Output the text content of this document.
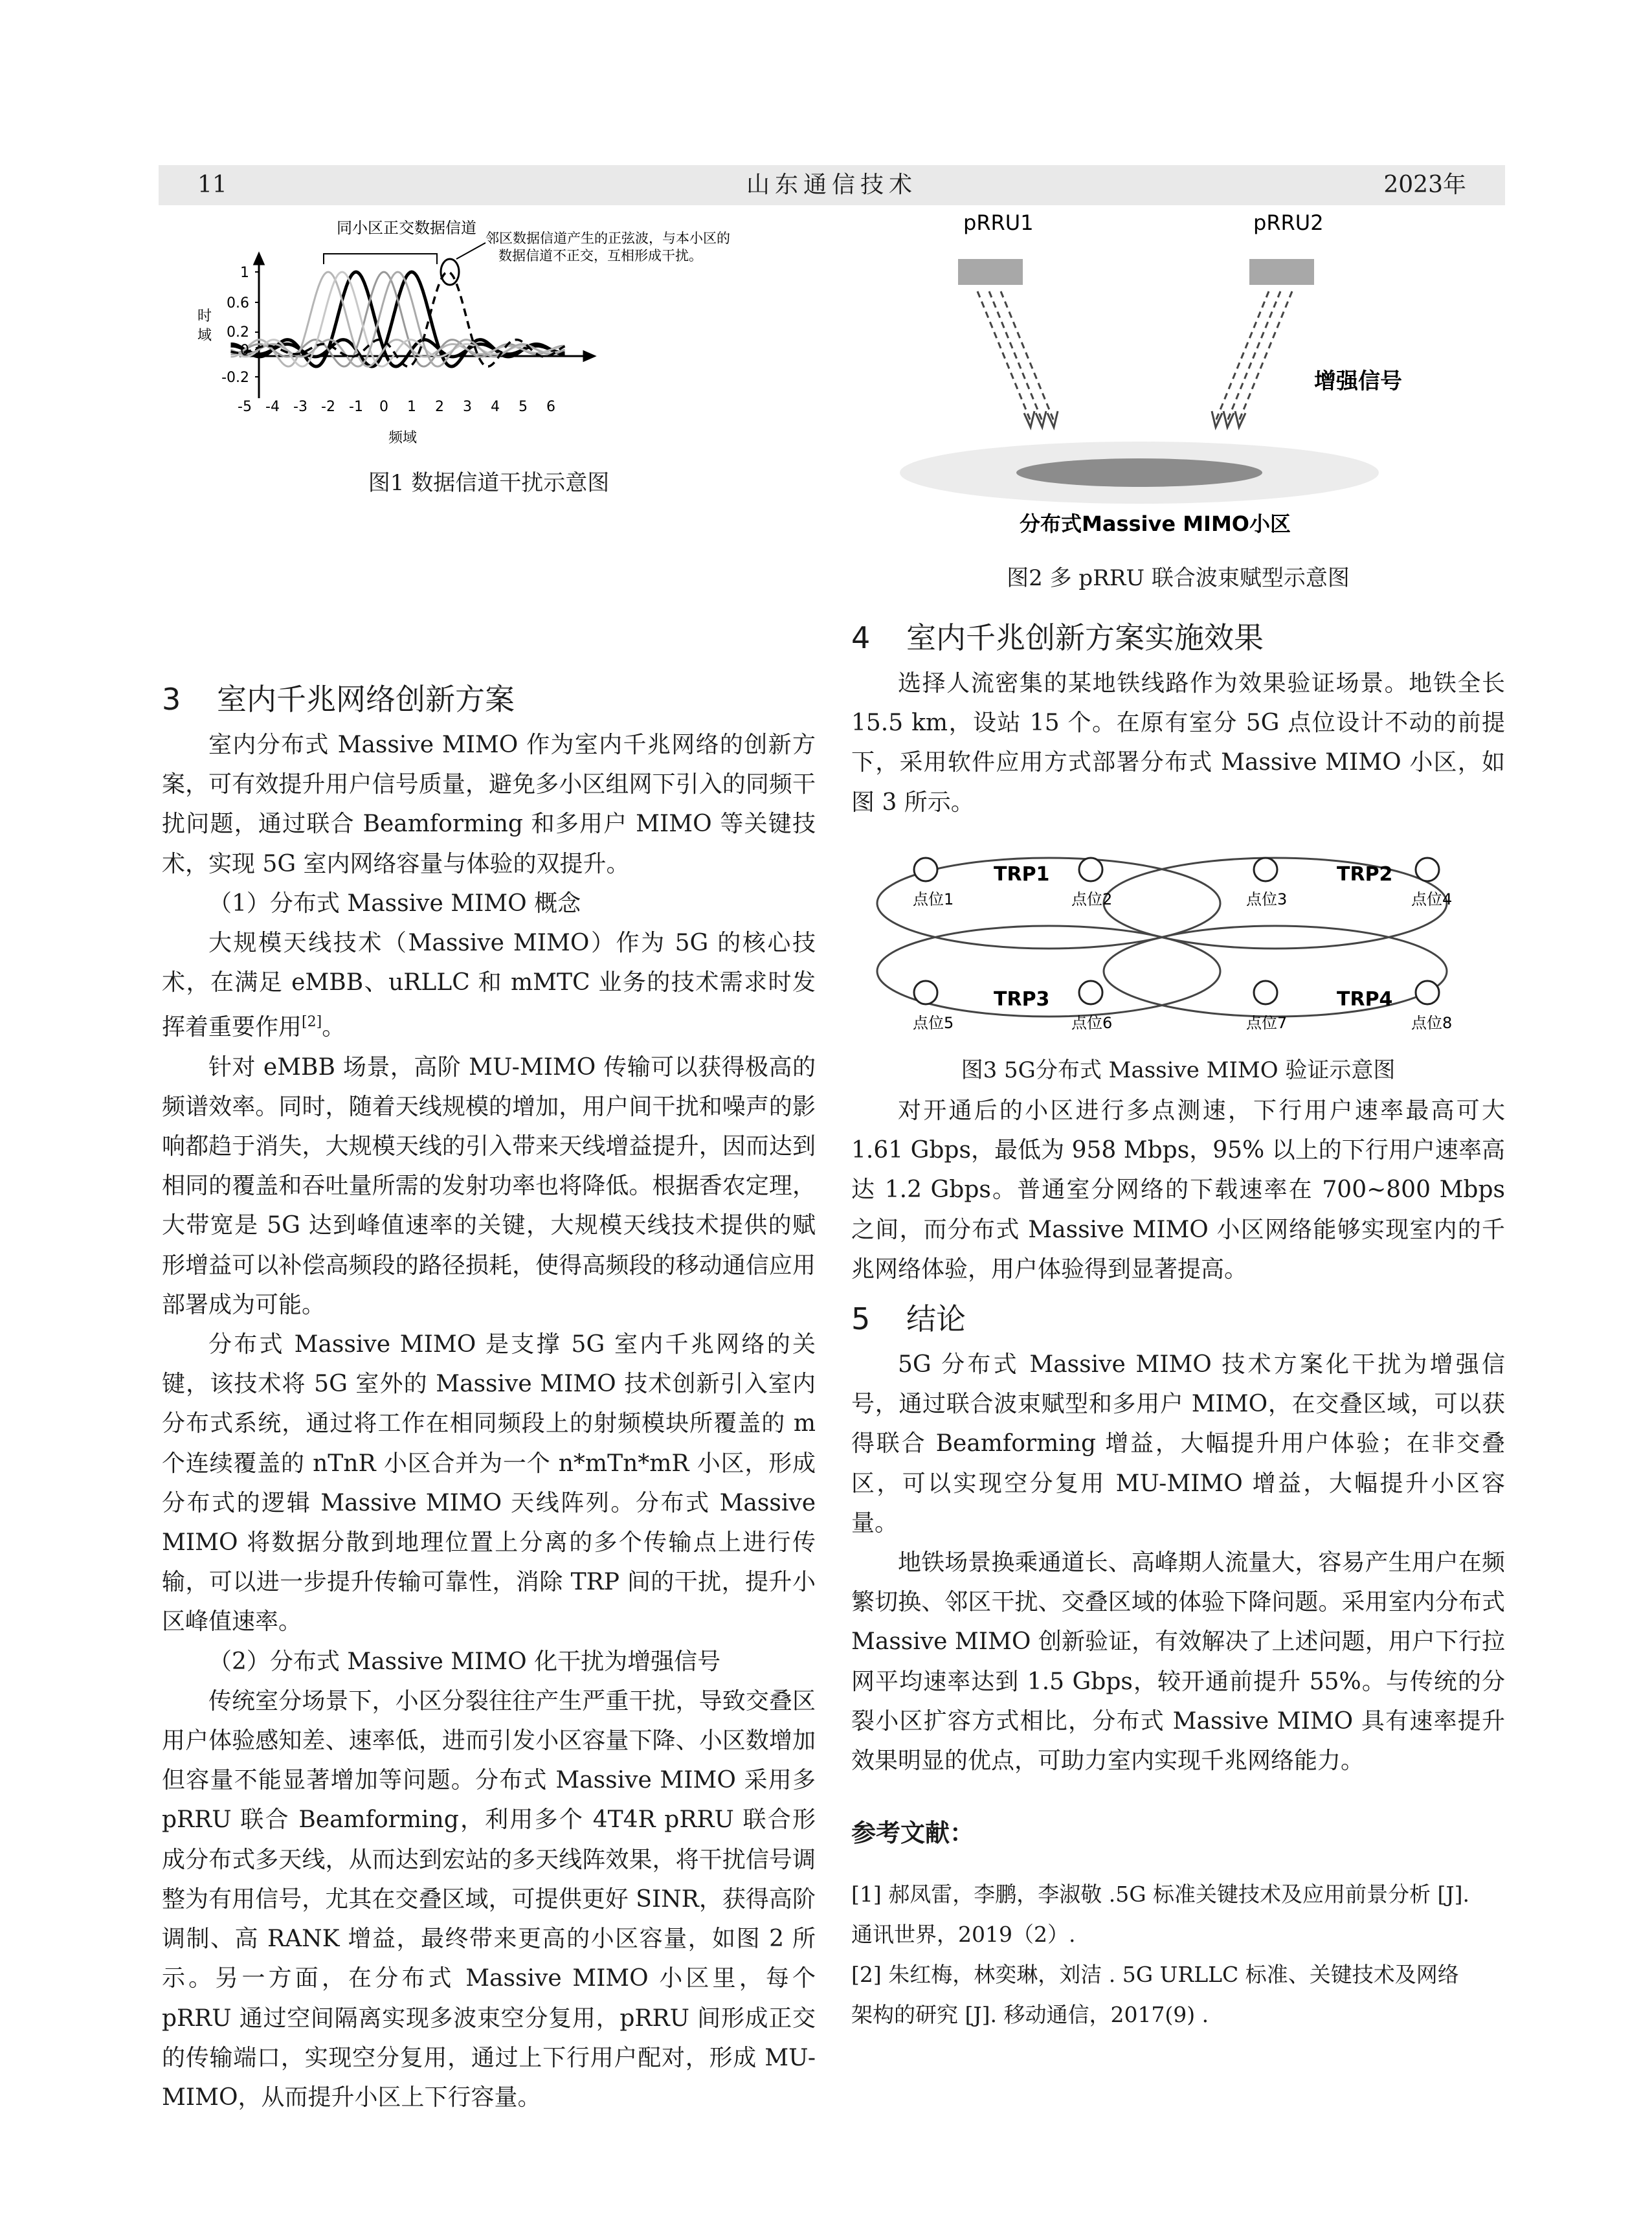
11	山东通信技术	2023年
同小区正交数据信道
邻区数据信道产生的正弦波，与本小区的
数据信道不正交，互相形成干扰。
1
0.6
0.2
0
-0.2
时
域
-5 -4 -3 -2 -1 0 1 2 3 4 5 6
频域
图1 数据信道干扰示意图
3 室内千兆网络创新方案

室内分布式 Massive MIMO 作为室内千兆网络的创新方案，可有效提升用户信号质量，避免多小区组网下引入的同频干扰问题，通过联合 Beamforming 和多用户 MIMO 等关键技术，实现 5G 室内网络容量与体验的双提升。

（1）分布式 Massive MIMO 概念

大规模天线技术（Massive MIMO）作为 5G 的核心技术，在满足 eMBB、uRLLC 和 mMTC 业务的技术需求时发挥着重要作用[2]。

针对 eMBB 场景，高阶 MU-MIMO 传输可以获得极高的频谱效率。同时，随着天线规模的增加，用户间干扰和噪声的影响都趋于消失，大规模天线的引入带来天线增益提升，因而达到相同的覆盖和吞吐量所需的发射功率也将降低。根据香农定理，大带宽是 5G 达到峰值速率的关键，大规模天线技术提供的赋形增益可以补偿高频段的路径损耗，使得高频段的移动通信应用部署成为可能。

分布式 Massive MIMO 是支撑 5G 室内千兆网络的关键，该技术将 5G 室外的 Massive MIMO 技术创新引入室内分布式系统，通过将工作在相同频段上的射频模块所覆盖的 m 个连续覆盖的 nTnR 小区合并为一个 n*mTn*mR 小区，形成分布式的逻辑 Massive MIMO 天线阵列。分布式 Massive MIMO 将数据分散到地理位置上分离的多个传输点上进行传输，可以进一步提升传输可靠性，消除 TRP 间的干扰，提升小区峰值速率。

（2）分布式 Massive MIMO 化干扰为增强信号

传统室分场景下，小区分裂往往产生严重干扰，导致交叠区用户体验感知差、速率低，进而引发小区容量下降、小区数增加但容量不能显著增加等问题。分布式 Massive MIMO 采用多 pRRU 联合 Beamforming，利用多个 4T4R pRRU 联合形成分布式多天线，从而达到宏站的多天线阵效果，将干扰信号调整为有用信号，尤其在交叠区域，可提供更好 SINR，获得高阶调制、高 RANK 增益，最终带来更高的小区容量，如图 2 所示。另一方面，在分布式 Massive MIMO 小区里，每个 pRRU 通过空间隔离实现多波束空分复用，pRRU 间形成正交的传输端口，实现空分复用，通过上下行用户配对，形成 MU-MIMO，从而提升小区上下行容量。

pRRU1	pRRU2
增强信号
分布式Massive MIMO小区
图2 多 pRRU 联合波束赋型示意图
4 室内千兆创新方案实施效果

选择人流密集的某地铁线路作为效果验证场景。地铁全长 15.5 km，设站 15 个。在原有室分 5G 点位设计不动的前提下，采用软件应用方式部署分布式 Massive MIMO 小区，如图 3 所示。

TRP1	TRP2
TRP3	TRP4
点位1	点位2	点位3	点位4
点位5	点位6	点位7	点位8
图3 5G分布式 Massive MIMO 验证示意图

对开通后的小区进行多点测速，下行用户速率最高可大 1.61 Gbps，最低为 958 Mbps，95% 以上的下行用户速率高达 1.2 Gbps。普通室分网络的下载速率在 700~800 Mbps 之间，而分布式 Massive MIMO 小区网络能够实现室内的千兆网络体验，用户体验得到显著提高。

5 结论

5G 分布式 Massive MIMO 技术方案化干扰为增强信号，通过联合波束赋型和多用户 MIMO，在交叠区域，可以获得联合 Beamforming 增益，大幅提升用户体验；在非交叠区，可以实现空分复用 MU-MIMO 增益，大幅提升小区容量。

地铁场景换乘通道长、高峰期人流量大，容易产生用户在频繁切换、邻区干扰、交叠区域的体验下降问题。采用室内分布式 Massive MIMO 创新验证，有效解决了上述问题，用户下行拉网平均速率达到 1.5 Gbps，较开通前提升 55%。与传统的分裂小区扩容方式相比，分布式 Massive MIMO 具有速率提升效果明显的优点，可助力室内实现千兆网络能力。

参考文献：

[1] 郝凤雷，李鹏，李淑敬 .5G 标准关键技术及应用前景分析 [J].

通讯世界，2019（2）.

[2] 朱红梅，林奕琳，刘洁 . 5G URLLC 标准、关键技术及网络

架构的研究 [J]. 移动通信，2017(9) .
